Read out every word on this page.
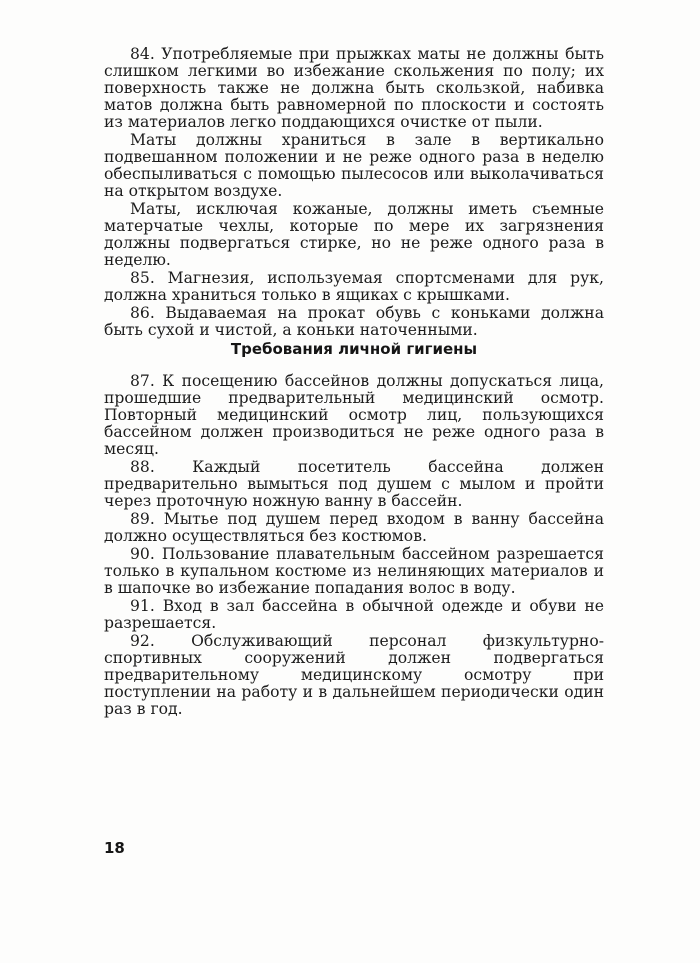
84. Употребляемые при прыжках маты не должны быть слишком легкими во избежание скольжения по полу; их поверхность также не должна быть скользкой, набивка матов должна быть равномерной по плоскости и состоять из материалов легко поддающихся очистке от пыли.

Маты должны храниться в зале в вертикально подвешанном положении и не реже одного раза в неделю обеспыливаться с помощью пылесосов или выколачиваться на открытом воздухе.

Маты, исключая кожаные, должны иметь съемные матерчатые чехлы, которые по мере их загрязнения должны подвергаться стирке, но не реже одного раза в неделю.

85. Магнезия, используемая спортсменами для рук, должна храниться только в ящиках с крышками.

86. Выдаваемая на прокат обувь с коньками должна быть сухой и чистой, а коньки наточенными.

Требования личной гигиены

87. К посещению бассейнов должны допускаться лица, прошедшие предварительный медицинский осмотр. Повторный медицинский осмотр лиц, пользующихся бассейном должен производиться не реже одного раза в месяц.

88. Каждый посетитель бассейна должен предварительно вымыться под душем с мылом и пройти через проточную ножную ванну в бассейн.

89. Мытье под душем перед входом в ванну бассейна должно осуществляться без костюмов.

90. Пользование плавательным бассейном разрешается только в купальном костюме из нелиняющих материалов и в шапочке во избежание попадания волос в воду.

91. Вход в зал бассейна в обычной одежде и обуви не разрешается.

92. Обслуживающий персонал физкультурно-спортивных сооружений должен подвергаться предварительному медицинскому осмотру при поступлении на работу и в дальнейшем периодически один раз в год.

18
